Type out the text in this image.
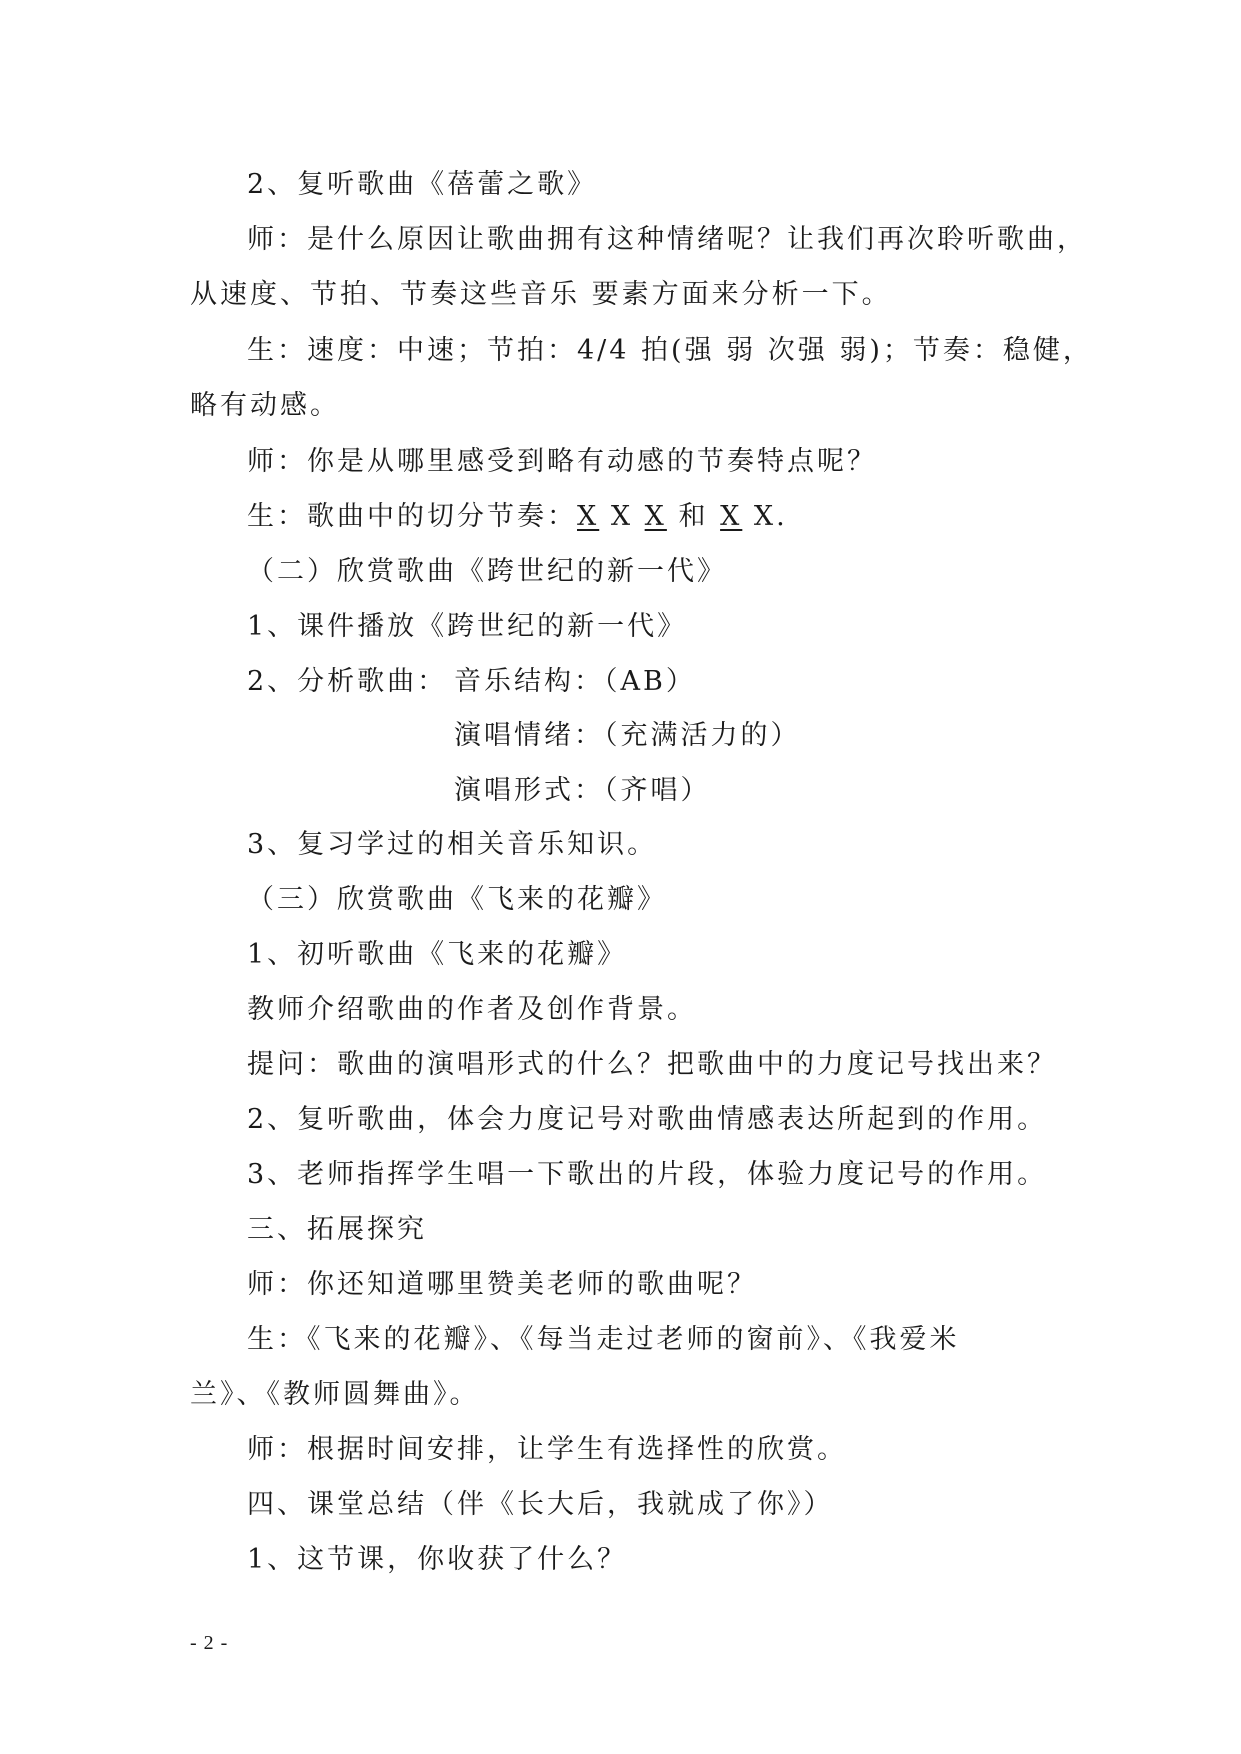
2、复听歌曲《蓓蕾之歌》
师：是什么原因让歌曲拥有这种情绪呢？让我们再次聆听歌曲，
从速度、节拍、节奏这些音乐 要素方面来分析一下。
生：速度：中速；节拍：4/4 拍(强 弱 次强 弱)；节奏：稳健，
略有动感。
师：你是从哪里感受到略有动感的节奏特点呢？
生：歌曲中的切分节奏：X X X 和 X X.
（二）欣赏歌曲《跨世纪的新一代》
1、课件播放《跨世纪的新一代》
2、分析歌曲： 音乐结构：（AB）
演唱情绪：（充满活力的）
演唱形式：（齐唱）
3、复习学过的相关音乐知识。
（三）欣赏歌曲《飞来的花瓣》
1、初听歌曲《飞来的花瓣》
教师介绍歌曲的作者及创作背景。
提问：歌曲的演唱形式的什么？把歌曲中的力度记号找出来？
2、复听歌曲，体会力度记号对歌曲情感表达所起到的作用。
3、老师指挥学生唱一下歌出的片段，体验力度记号的作用。
三、拓展探究
师：你还知道哪里赞美老师的歌曲呢？
生：《飞来的花瓣》、《每当走过老师的窗前》、《我爱米
兰》、《教师圆舞曲》。
师：根据时间安排，让学生有选择性的欣赏。
四、课堂总结（伴《长大后，我就成了你》）
1、这节课，你收获了什么？
- 2 -
